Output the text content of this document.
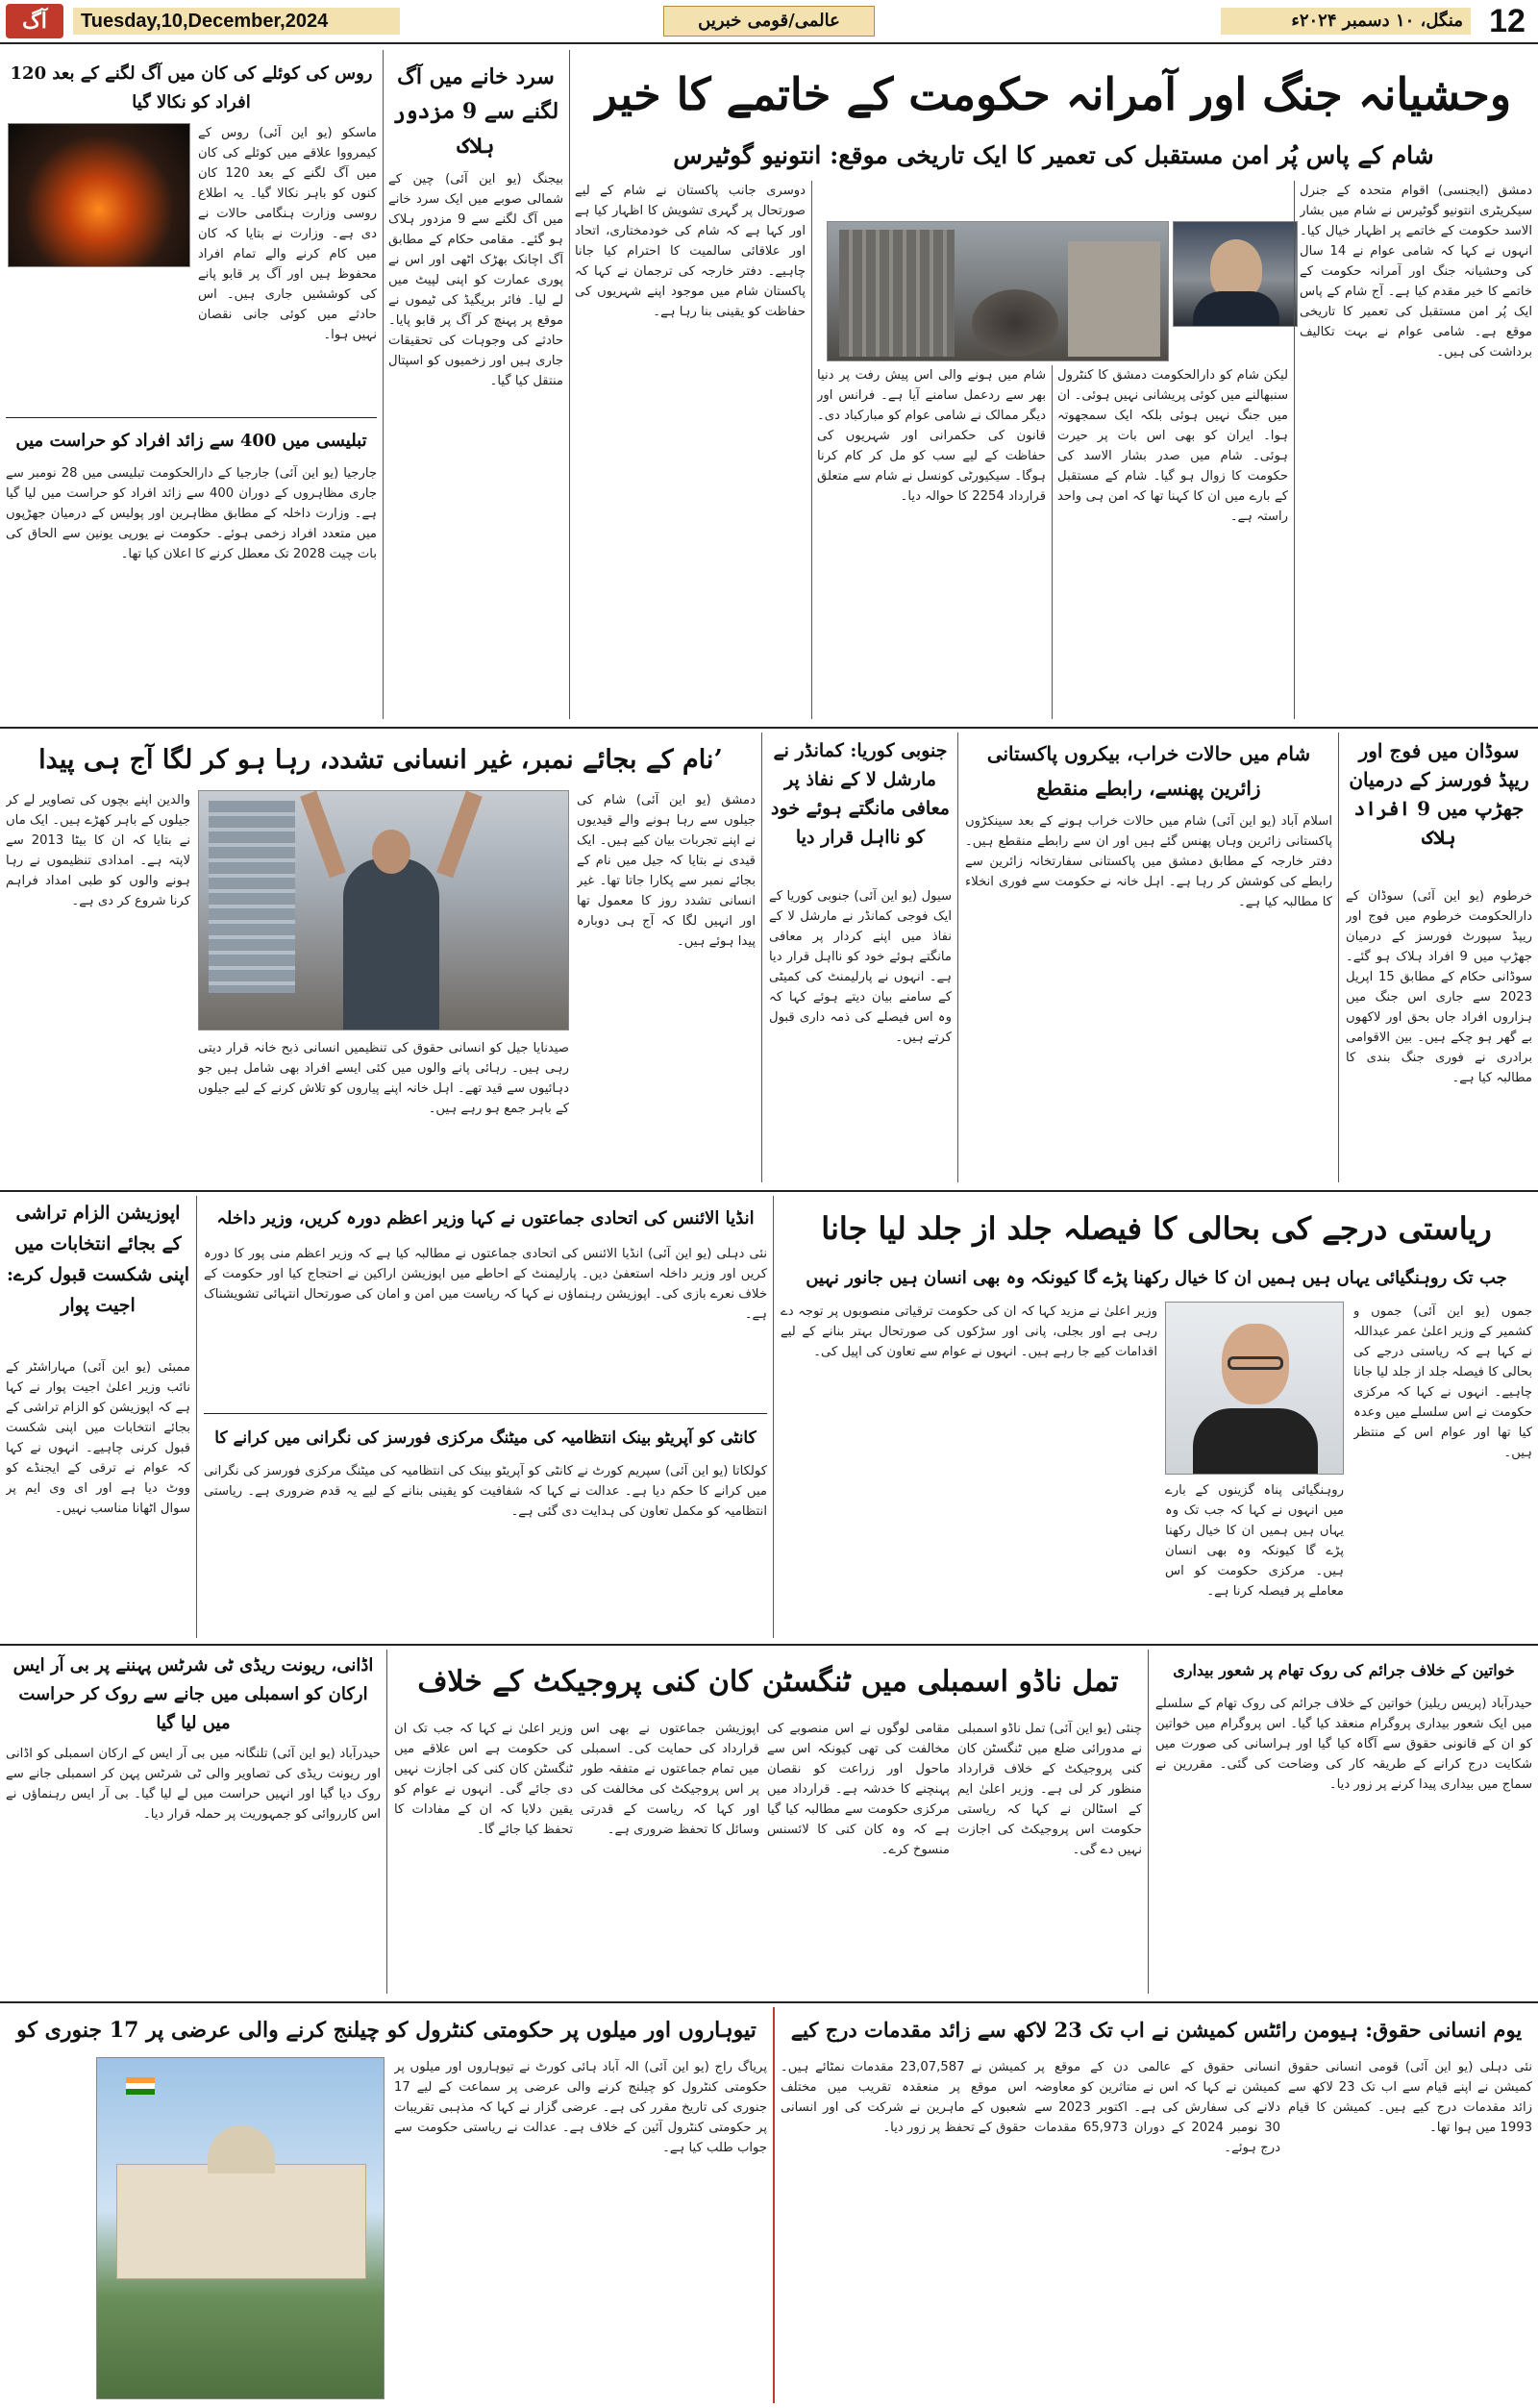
آگ	Tuesday,10,December,2024	عالمی/قومی خبریں	منگل، ۱۰ دسمبر ۲۰۲۴ء 12
وحشیانہ جنگ اور آمرانہ حکومت کے خاتمے کا خیر
شام کے پاس پُر امن مستقبل کی تعمیر کا ایک تاریخی موقع: انتونیو گوٹیرس
دمشق (ایجنسی) اقوام متحدہ کے جنرل سیکریٹری انتونیو گوٹیرس نے شام میں بشار الاسد حکومت کے خاتمے پر اظہار خیال کیا۔ انہوں نے کہا کہ شامی عوام نے 14 سال کی وحشیانہ جنگ اور آمرانہ حکومت کے خاتمے کا خیر مقدم کیا ہے۔ آج شام کے پاس ایک پُر امن مستقبل کی تعمیر کا تاریخی موقع ہے۔ شامی عوام نے بہت تکالیف برداشت کی ہیں۔
لیکن شام کو دارالحکومت دمشق کا کنٹرول سنبھالنے میں کوئی پریشانی نہیں ہوئی۔ ان میں جنگ نہیں ہوئی بلکہ ایک سمجھوتہ ہوا۔ ایران کو بھی اس بات پر حیرت ہوئی۔ شام میں صدر بشار الاسد کی حکومت کا زوال ہو گیا۔ شام کے مستقبل کے بارے میں ان کا کہنا تھا کہ امن ہی واحد راستہ ہے۔
شام میں ہونے والی اس پیش رفت پر دنیا بھر سے ردعمل سامنے آیا ہے۔ فرانس اور دیگر ممالک نے شامی عوام کو مبارکباد دی۔ قانون کی حکمرانی اور شہریوں کی حفاظت کے لیے سب کو مل کر کام کرنا ہوگا۔ سیکیورٹی کونسل نے شام سے متعلق قرارداد 2254 کا حوالہ دیا۔
دوسری جانب پاکستان نے شام کے لیے صورتحال پر گہری تشویش کا اظہار کیا ہے اور کہا ہے کہ شام کی خودمختاری، اتحاد اور علاقائی سالمیت کا احترام کیا جانا چاہیے۔ دفتر خارجہ کی ترجمان نے کہا کہ پاکستان شام میں موجود اپنے شہریوں کی حفاظت کو یقینی بنا رہا ہے۔
سرد خانے میں آگ لگنے سے 9 مزدور ہلاک
بیجنگ (یو این آئی) چین کے شمالی صوبے میں ایک سرد خانے میں آگ لگنے سے 9 مزدور ہلاک ہو گئے۔ مقامی حکام کے مطابق آگ اچانک بھڑک اٹھی اور اس نے پوری عمارت کو اپنی لپیٹ میں لے لیا۔ فائر بریگیڈ کی ٹیموں نے موقع پر پہنچ کر آگ پر قابو پایا۔ حادثے کی وجوہات کی تحقیقات جاری ہیں اور زخمیوں کو اسپتال منتقل کیا گیا۔
روس کی کوئلے کی کان میں آگ لگنے کے بعد 120 افراد کو نکالا گیا
ماسکو (یو این آئی) روس کے کیمرووا علاقے میں کوئلے کی کان میں آگ لگنے کے بعد 120 کان کنوں کو باہر نکالا گیا۔ یہ اطلاع روسی وزارت ہنگامی حالات نے دی ہے۔ وزارت نے بتایا کہ کان میں کام کرنے والے تمام افراد محفوظ ہیں اور آگ پر قابو پانے کی کوششیں جاری ہیں۔ اس حادثے میں کوئی جانی نقصان نہیں ہوا۔
تبلیسی میں 400 سے زائد افراد کو حراست میں
جارجیا (یو این آئی) جارجیا کے دارالحکومت تبلیسی میں 28 نومبر سے جاری مظاہروں کے دوران 400 سے زائد افراد کو حراست میں لیا گیا ہے۔ وزارت داخلہ کے مطابق مظاہرین اور پولیس کے درمیان جھڑپوں میں متعدد افراد زخمی ہوئے۔ حکومت نے یورپی یونین سے الحاق کی بات چیت 2028 تک معطل کرنے کا اعلان کیا تھا۔
سوڈان میں فوج اور ریپڈ فورسز کے درمیان جھڑپ میں 9 افراد ہلاک
خرطوم (یو این آئی) سوڈان کے دارالحکومت خرطوم میں فوج اور ریپڈ سپورٹ فورسز کے درمیان جھڑپ میں 9 افراد ہلاک ہو گئے۔ سوڈانی حکام کے مطابق 15 اپریل 2023 سے جاری اس جنگ میں ہزاروں افراد جاں بحق اور لاکھوں بے گھر ہو چکے ہیں۔ بین الاقوامی برادری نے فوری جنگ بندی کا مطالبہ کیا ہے۔
شام میں حالات خراب، بیکروں پاکستانی زائرین پھنسے، رابطے منقطع
اسلام آباد (یو این آئی) شام میں حالات خراب ہونے کے بعد سینکڑوں پاکستانی زائرین وہاں پھنس گئے ہیں اور ان سے رابطے منقطع ہیں۔ دفتر خارجہ کے مطابق دمشق میں پاکستانی سفارتخانہ زائرین سے رابطے کی کوشش کر رہا ہے۔ اہل خانہ نے حکومت سے فوری انخلاء کا مطالبہ کیا ہے۔
جنوبی کوریا: کمانڈر نے مارشل لا کے نفاذ پر معافی مانگتے ہوئے خود کو نااہل قرار دیا
سیول (یو این آئی) جنوبی کوریا کے ایک فوجی کمانڈر نے مارشل لا کے نفاذ میں اپنے کردار پر معافی مانگتے ہوئے خود کو نااہل قرار دیا ہے۔ انہوں نے پارلیمنٹ کی کمیٹی کے سامنے بیان دیتے ہوئے کہا کہ وہ اس فیصلے کی ذمہ داری قبول کرتے ہیں۔
’نام کے بجائے نمبر، غیر انسانی تشدد، رہا ہو کر لگا آج ہی پیدا
دمشق (یو این آئی) شام کی جیلوں سے رہا ہونے والے قیدیوں نے اپنے تجربات بیان کیے ہیں۔ ایک قیدی نے بتایا کہ جیل میں نام کے بجائے نمبر سے پکارا جاتا تھا۔ غیر انسانی تشدد روز کا معمول تھا اور انہیں لگا کہ آج ہی دوبارہ پیدا ہوئے ہیں۔
صیدنایا جیل کو انسانی حقوق کی تنظیمیں انسانی ذبح خانہ قرار دیتی رہی ہیں۔ رہائی پانے والوں میں کئی ایسے افراد بھی شامل ہیں جو دہائیوں سے قید تھے۔ اہل خانہ اپنے پیاروں کو تلاش کرنے کے لیے جیلوں کے باہر جمع ہو رہے ہیں۔
والدین اپنے بچوں کی تصاویر لے کر جیلوں کے باہر کھڑے ہیں۔ ایک ماں نے بتایا کہ ان کا بیٹا 2013 سے لاپتہ ہے۔ امدادی تنظیموں نے رہا ہونے والوں کو طبی امداد فراہم کرنا شروع کر دی ہے۔
ریاستی درجے کی بحالی کا فیصلہ جلد از جلد لیا جانا
جب تک روہنگیائی یہاں ہیں ہمیں ان کا خیال رکھنا پڑے گا کیونکہ وہ بھی انسان ہیں جانور نہیں
جموں (یو این آئی) جموں و کشمیر کے وزیر اعلیٰ عمر عبداللہ نے کہا ہے کہ ریاستی درجے کی بحالی کا فیصلہ جلد از جلد لیا جانا چاہیے۔ انہوں نے کہا کہ مرکزی حکومت نے اس سلسلے میں وعدہ کیا تھا اور عوام اس کے منتظر ہیں۔
روہنگیائی پناہ گزینوں کے بارے میں انہوں نے کہا کہ جب تک وہ یہاں ہیں ہمیں ان کا خیال رکھنا پڑے گا کیونکہ وہ بھی انسان ہیں۔ مرکزی حکومت کو اس معاملے پر فیصلہ کرنا ہے۔
وزیر اعلیٰ نے مزید کہا کہ ان کی حکومت ترقیاتی منصوبوں پر توجہ دے رہی ہے اور بجلی، پانی اور سڑکوں کی صورتحال بہتر بنانے کے لیے اقدامات کیے جا رہے ہیں۔ انہوں نے عوام سے تعاون کی اپیل کی۔
انڈیا الائنس کی اتحادی جماعتوں نے کہا وزیر اعظم دورہ کریں، وزیر داخلہ
نئی دہلی (یو این آئی) انڈیا الائنس کی اتحادی جماعتوں نے مطالبہ کیا ہے کہ وزیر اعظم منی پور کا دورہ کریں اور وزیر داخلہ استعفیٰ دیں۔ پارلیمنٹ کے احاطے میں اپوزیشن اراکین نے احتجاج کیا اور حکومت کے خلاف نعرے بازی کی۔ اپوزیشن رہنماؤں نے کہا کہ ریاست میں امن و امان کی صورتحال انتہائی تشویشناک ہے۔
کانٹی کو آپریٹو بینک انتظامیہ کی میٹنگ مرکزی فورسز کی نگرانی میں کرانے کا
کولکاتا (یو این آئی) سپریم کورٹ نے کانٹی کو آپریٹو بینک کی انتظامیہ کی میٹنگ مرکزی فورسز کی نگرانی میں کرانے کا حکم دیا ہے۔ عدالت نے کہا کہ شفافیت کو یقینی بنانے کے لیے یہ قدم ضروری ہے۔ ریاستی انتظامیہ کو مکمل تعاون کی ہدایت دی گئی ہے۔
اپوزیشن الزام تراشی کے بجائے انتخابات میں اپنی شکست قبول کرے: اجیت پوار
ممبئی (یو این آئی) مہاراشٹر کے نائب وزیر اعلیٰ اجیت پوار نے کہا ہے کہ اپوزیشن کو الزام تراشی کے بجائے انتخابات میں اپنی شکست قبول کرنی چاہیے۔ انہوں نے کہا کہ عوام نے ترقی کے ایجنڈے کو ووٹ دیا ہے اور ای وی ایم پر سوال اٹھانا مناسب نہیں۔
خواتین کے خلاف جرائم کی روک تھام پر شعور بیداری
حیدرآباد (پریس ریلیز) خواتین کے خلاف جرائم کی روک تھام کے سلسلے میں ایک شعور بیداری پروگرام منعقد کیا گیا۔ اس پروگرام میں خواتین کو ان کے قانونی حقوق سے آگاہ کیا گیا اور ہراسانی کی صورت میں شکایت درج کرانے کے طریقہ کار کی وضاحت کی گئی۔ مقررین نے سماج میں بیداری پیدا کرنے پر زور دیا۔
تمل ناڈو اسمبلی میں ٹنگسٹن کان کنی پروجیکٹ کے خلاف
چنئی (یو این آئی) تمل ناڈو اسمبلی نے مدورائی ضلع میں ٹنگسٹن کان کنی پروجیکٹ کے خلاف قرارداد منظور کر لی ہے۔ وزیر اعلیٰ ایم کے اسٹالن نے کہا کہ ریاستی حکومت اس پروجیکٹ کی اجازت نہیں دے گی۔
مقامی لوگوں نے اس منصوبے کی مخالفت کی تھی کیونکہ اس سے ماحول اور زراعت کو نقصان پہنچنے کا خدشہ ہے۔ قرارداد میں مرکزی حکومت سے مطالبہ کیا گیا ہے کہ وہ کان کنی کا لائسنس منسوخ کرے۔
اپوزیشن جماعتوں نے بھی اس قرارداد کی حمایت کی۔ اسمبلی میں تمام جماعتوں نے متفقہ طور پر اس پروجیکٹ کی مخالفت کی اور کہا کہ ریاست کے قدرتی وسائل کا تحفظ ضروری ہے۔
وزیر اعلیٰ نے کہا کہ جب تک ان کی حکومت ہے اس علاقے میں ٹنگسٹن کان کنی کی اجازت نہیں دی جائے گی۔ انہوں نے عوام کو یقین دلایا کہ ان کے مفادات کا تحفظ کیا جائے گا۔
اڈانی، ریونت ریڈی ٹی شرٹس پہننے پر بی آر ایس ارکان کو اسمبلی میں جانے سے روک کر حراست میں لیا گیا
حیدرآباد (یو این آئی) تلنگانہ میں بی آر ایس کے ارکان اسمبلی کو اڈانی اور ریونت ریڈی کی تصاویر والی ٹی شرٹس پہن کر اسمبلی جانے سے روک دیا گیا اور انہیں حراست میں لے لیا گیا۔ بی آر ایس رہنماؤں نے اس کارروائی کو جمہوریت پر حملہ قرار دیا۔
یوم انسانی حقوق: ہیومن رائٹس کمیشن نے اب تک 23 لاکھ سے زائد مقدمات درج کیے
نئی دہلی (یو این آئی) قومی انسانی حقوق کمیشن نے اپنے قیام سے اب تک 23 لاکھ سے زائد مقدمات درج کیے ہیں۔ کمیشن کا قیام 1993 میں ہوا تھا۔
انسانی حقوق کے عالمی دن کے موقع پر کمیشن نے کہا کہ اس نے متاثرین کو معاوضہ دلانے کی سفارش کی ہے۔ اکتوبر 2023 سے 30 نومبر 2024 کے دوران 65,973 مقدمات درج ہوئے۔
کمیشن نے 23,07,587 مقدمات نمٹائے ہیں۔ اس موقع پر منعقدہ تقریب میں مختلف شعبوں کے ماہرین نے شرکت کی اور انسانی حقوق کے تحفظ پر زور دیا۔
تیوہاروں اور میلوں پر حکومتی کنٹرول کو چیلنج کرنے والی عرضی پر 17 جنوری کو
پریاگ راج (یو این آئی) الہ آباد ہائی کورٹ نے تیوہاروں اور میلوں پر حکومتی کنٹرول کو چیلنج کرنے والی عرضی پر سماعت کے لیے 17 جنوری کی تاریخ مقرر کی ہے۔ عرضی گزار نے کہا کہ مذہبی تقریبات پر حکومتی کنٹرول آئین کے خلاف ہے۔ عدالت نے ریاستی حکومت سے جواب طلب کیا ہے۔
